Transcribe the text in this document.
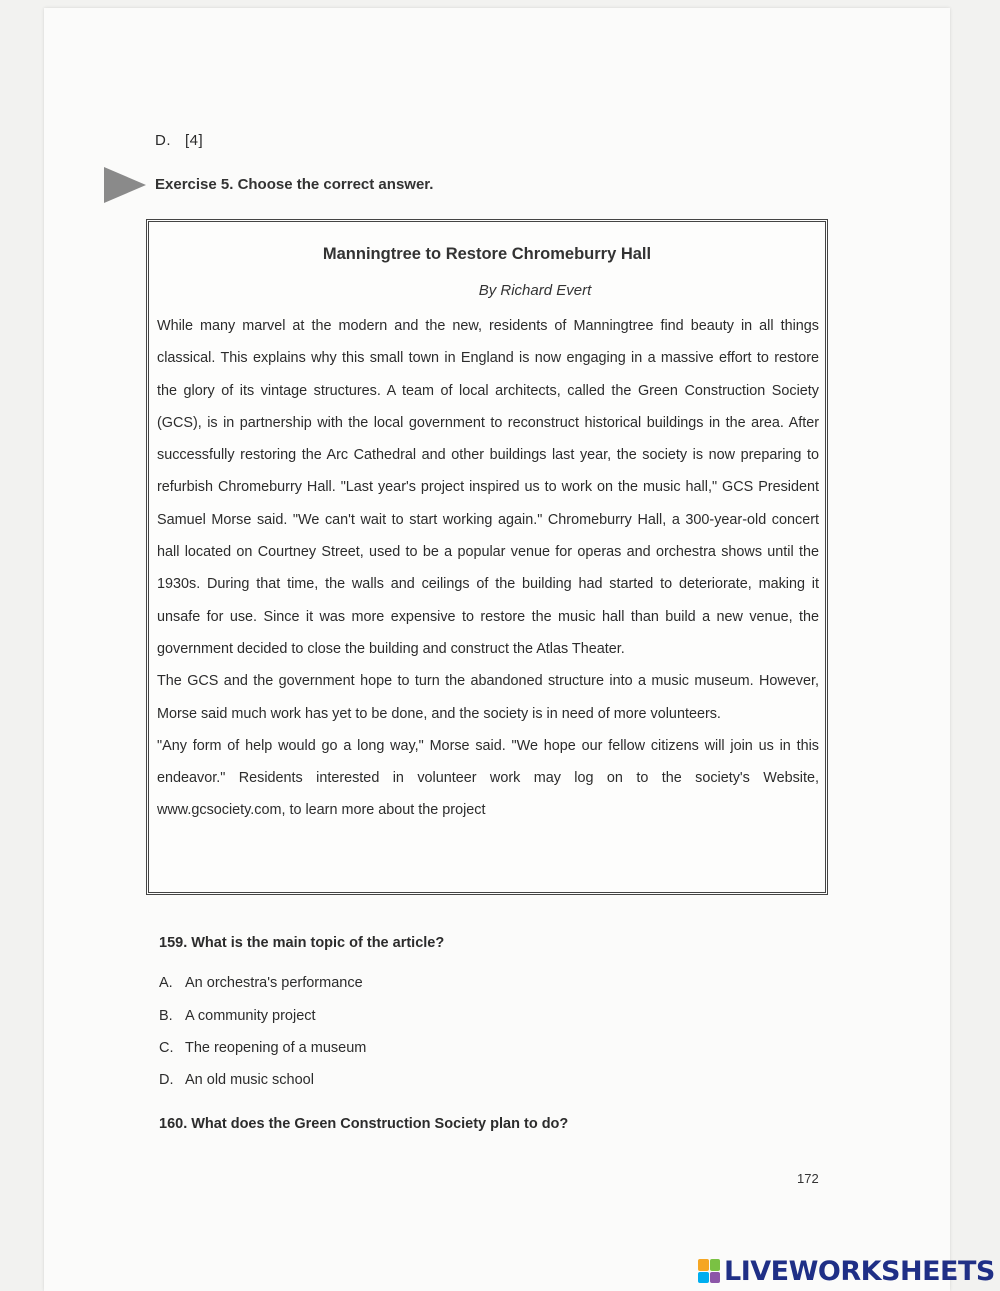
D. [4]
Exercise 5. Choose the correct answer.
Manningtree to Restore Chromeburry Hall
By Richard Evert

While many marvel at the modern and the new, residents of Manningtree find beauty in all things classical. This explains why this small town in England is now engaging in a massive effort to restore the glory of its vintage structures. A team of local architects, called the Green Construction Society (GCS), is in partnership with the local government to reconstruct historical buildings in the area. After successfully restoring the Arc Cathedral and other buildings last year, the society is now preparing to refurbish Chromeburry Hall. "Last year's project inspired us to work on the music hall," GCS President Samuel Morse said. "We can't wait to start working again." Chromeburry Hall, a 300-year-old concert hall located on Courtney Street, used to be a popular venue for operas and orchestra shows until the 1930s. During that time, the walls and ceilings of the building had started to deteriorate, making it unsafe for use. Since it was more expensive to restore the music hall than build a new venue, the government decided to close the building and construct the Atlas Theater.

The GCS and the government hope to turn the abandoned structure into a music museum. However, Morse said much work has yet to be done, and the society is in need of more volunteers.

"Any form of help would go a long way," Morse said. "We hope our fellow citizens will join us in this endeavor." Residents interested in volunteer work may log on to the society's Website, www.gcsociety.com, to learn more about the project

159. What is the main topic of the article?
A. An orchestra's performance
B. A community project
C. The reopening of a museum
D. An old music school
160. What does the Green Construction Society plan to do?
172
LIVEWORKSHEETS
